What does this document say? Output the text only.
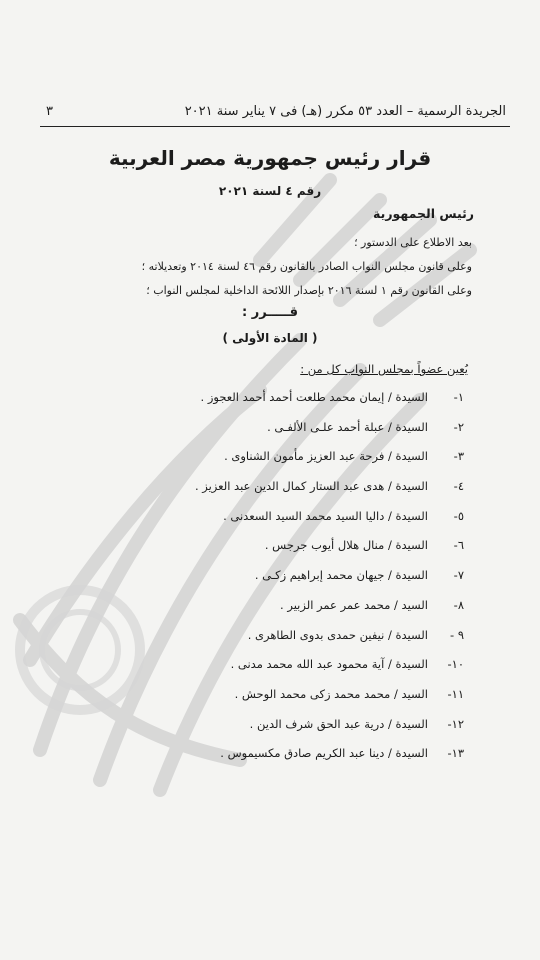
الجريدة الرسمية – العدد ٥٣ مكرر (هـ) فى ٧ يناير سنة ٢٠٢١
٣
قرار رئيس جمهورية مصر العربية
رقم ٤ لسنة ٢٠٢١
رئيس الجمهورية
بعد الاطلاع على الدستور ؛
وعلى قانون مجلس النواب الصادر بالقانون رقم ٤٦ لسنة ٢٠١٤ وتعديلاته ؛
وعلى القانون رقم ١ لسنة ٢٠١٦ بإصدار اللائحة الداخلية لمجلس النواب ؛
قـــــرر :
( المادة الأولى )
يُعين عضواً بمجلس النواب كل من :
١-
السيدة / إيمان محمد طلعت أحمد أحمد العجوز .
٢-
السيدة / عبلة أحمد علـى الألفـى .
٣-
السيدة / فرحة عبد العزيز مأمون الشناوى .
٤-
السيدة / هدى عبد الستار كمال الدين عبد العزيز .
٥-
السيدة / داليا السيد محمد السيد السعدنى .
٦-
السيدة / منال هلال أيوب جرجس .
٧-
السيدة / جيهان محمد إبراهيم زكـى .
٨-
السيد / محمد عمر عمر الزبير .
٩ -
السيدة / نيفين حمدى بدوى الطاهرى .
١٠-
السيدة / آية محمود عبد الله محمد مدنى .
١١-
السيد / محمد محمد زكى محمد الوحش .
١٢-
السيدة / درية عبد الحق شرف الدين .
١٣-
السيدة / دينا عبد الكريم صادق مكسيموس .
